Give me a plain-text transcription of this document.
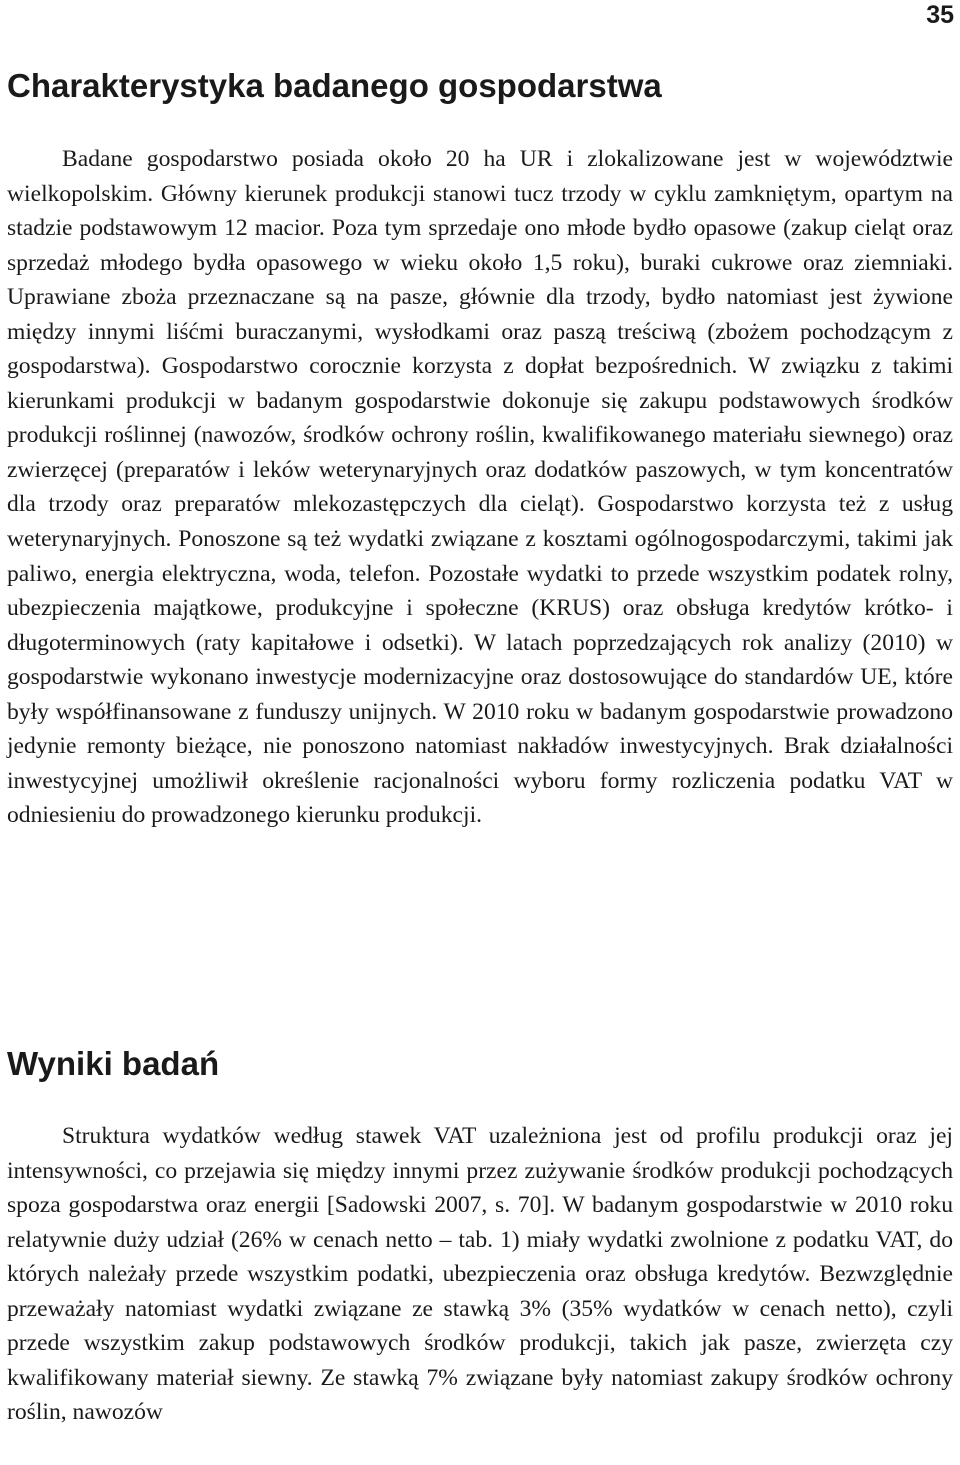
35
Charakterystyka badanego gospodarstwa

Badane gospodarstwo posiada około 20 ha UR i zlokalizowane jest w województwie wielkopolskim. Główny kierunek produkcji stanowi tucz trzody w cyklu zamkniętym, opartym na stadzie podstawowym 12 macior. Poza tym sprzedaje ono młode bydło opasowe (zakup cieląt oraz sprzedaż młodego bydła opasowego w wieku około 1,5 roku), buraki cukrowe oraz ziemniaki. Uprawiane zboża przeznaczane są na pasze, głównie dla trzody, bydło natomiast jest żywione między innymi liśćmi buraczanymi, wysłodkami oraz paszą treściwą (zbożem pochodzącym z gospodarstwa). Gospodarstwo corocznie korzysta z dopłat bezpośrednich. W związku z takimi kierunkami produkcji w badanym gospodarstwie dokonuje się zakupu podstawowych środków produkcji roślinnej (nawozów, środków ochrony roślin, kwalifikowanego materiału siewnego) oraz zwierzęcej (preparatów i leków weterynaryjnych oraz dodatków paszowych, w tym koncentratów dla trzody oraz preparatów mlekozastępczych dla cieląt). Gospodarstwo korzysta też z usług weterynaryjnych. Ponoszone są też wydatki związane z kosztami ogólnogospodarczymi, takimi jak paliwo, energia elektryczna, woda, telefon. Pozostałe wydatki to przede wszystkim podatek rolny, ubezpieczenia majątkowe, produkcyjne i społeczne (KRUS) oraz obsługa kredytów krótko- i długoterminowych (raty kapitałowe i odsetki). W latach poprzedzających rok analizy (2010) w gospodarstwie wykonano inwestycje modernizacyjne oraz dostosowujące do standardów UE, które były współfinansowane z funduszy unijnych. W 2010 roku w badanym gospodarstwie prowadzono jedynie remonty bieżące, nie ponoszono natomiast nakładów inwestycyjnych. Brak działalności inwestycyjnej umożliwił określenie racjonalności wyboru formy rozliczenia podatku VAT w odniesieniu do prowadzonego kierunku produkcji.

Wyniki badań

Struktura wydatków według stawek VAT uzależniona jest od profilu produkcji oraz jej intensywności, co przejawia się między innymi przez zużywanie środków produkcji pochodzących spoza gospodarstwa oraz energii [Sadowski 2007, s. 70]. W badanym gospodarstwie w 2010 roku relatywnie duży udział (26% w cenach netto – tab. 1) miały wydatki zwolnione z podatku VAT, do których należały przede wszystkim podatki, ubezpieczenia oraz obsługa kredytów. Bezwzględnie przeważały natomiast wydatki związane ze stawką 3% (35% wydatków w cenach netto), czyli przede wszystkim zakup podstawowych środków produkcji, takich jak pasze, zwierzęta czy kwalifikowany materiał siewny. Ze stawką 7% związane były natomiast zakupy środków ochrony roślin, nawozów
